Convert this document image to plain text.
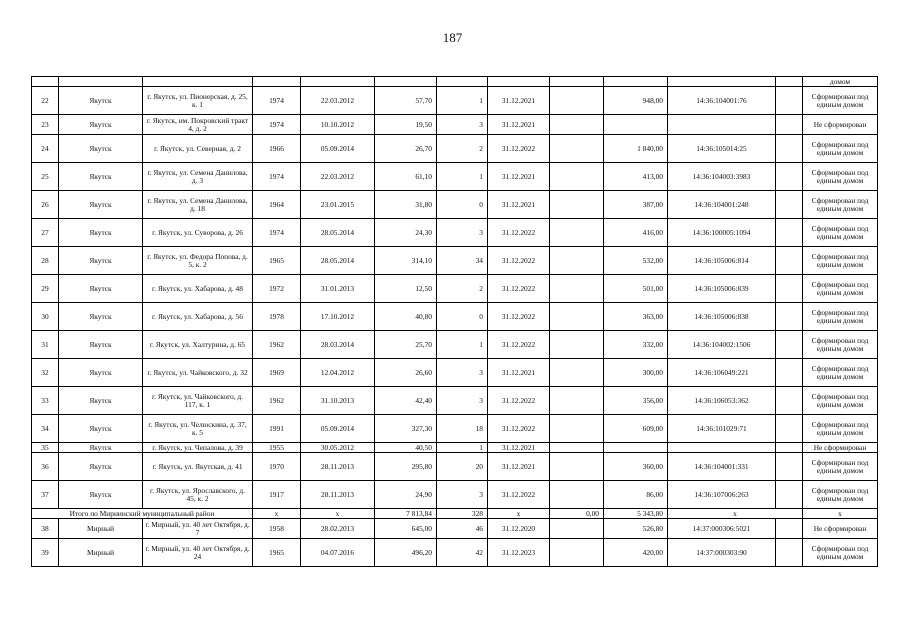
187
												домом
22	Якутск	г. Якутск, ул. Пионерская, д. 25, к. 1	1974	22.03.2012	57,70	1	31.12.2021		948,00	14:36:104001:76		Сформирован под единым домом
23	Якутск	г. Якутск, им. Покровский тракт 4, д. 2	1974	10.10.2012	19,50	3	31.12.2021					Не сформирован
24	Якутск	г. Якутск, ул. Северная, д. 2	1966	05.09.2014	26,70	2	31.12.2022		1 840,00	14:36:105014:25		Сформирован под единым домом
25	Якутск	г. Якутск, ул. Семена Данилова, д. 3	1974	22.03.2012	61,10	1	31.12.2021		413,00	14:36:104003:3983		Сформирован под единым домом
26	Якутск	г. Якутск, ул. Семена Данилова, д. 18	1964	23.01.2015	31,80	0	31.12.2021		387,00	14:36:104001:248		Сформирован под единым домом
27	Якутск	г. Якутск, ул. Суворова, д. 26	1974	28.05.2014	24,30	3	31.12.2022		416,00	14:36:100005:1094		Сформирован под единым домом
28	Якутск	г. Якутск, ул. Федора Попова, д. 5, к. 2	1965	28.05.2014	314,10	34	31.12.2022		532,00	14:36:105006:814		Сформирован под единым домом
29	Якутск	г. Якутск, ул. Хабарова, д. 48	1972	31.01.2013	12,50	2	31.12.2022		501,00	14:36:105006:839		Сформирован под единым домом
30	Якутск	г. Якутск, ул. Хабарова, д. 56	1978	17.10.2012	40,80	0	31.12.2022		363,00	14:36:105006:838		Сформирован под единым домом
31	Якутск	г. Якутск, ул. Халтурина, д. 65	1962	28.03.2014	25,70	1	31.12.2022		332,00	14:36:104002:1506		Сформирован под единым домом
32	Якутск	г. Якутск, ул. Чайковского, д. 32	1969	12.04.2012	26,60	3	31.12.2021		300,00	14:36:106049:221		Сформирован под единым домом
33	Якутск	г. Якутск, ул. Чайковского, д. 117, к. 1	1962	31.10.2013	42,40	3	31.12.2022		356,00	14:36:106053:362		Сформирован под единым домом
34	Якутск	г. Якутск, ул. Челюскина, д. 37, к. 5	1991	05.09.2014	327,30	18	31.12.2022		609,00	14:36:101029:71		Сформирован под единым домом
35	Якутск	г. Якутск, ул. Чепалова, д. 39	1955	30.05.2012	40,50	1	31.12.2021					Не сформирован
36	Якутск	г. Якутск, ул. Якутская, д. 41	1970	28.11.2013	295,80	20	31.12.2021		360,00	14:36:104001:331		Сформирован под единым домом
37	Якутск	г. Якутск, ул. Ярославского, д. 45, к. 2	1917	28.11.2013	24,90	3	31.12.2022		86,00	14:36:107006:263		Сформирован под единым домом
Итого по Мирнинский муниципальный район			x	x	7 813,84	328	x	0,00	5 343,80	x		x
38	Мирный	г. Мирный, ул. 40 лет Октября, д. 7	1958	28.02.2013	645,00	46	31.12.2020		526,80	14:37:000306:5021		Не сформирован
39	Мирный	г. Мирный, ул. 40 лет Октября, д. 24	1965	04.07.2016	496,20	42	31.12.2023		420,00	14:37:000303:90		Сформирован под единым домом
